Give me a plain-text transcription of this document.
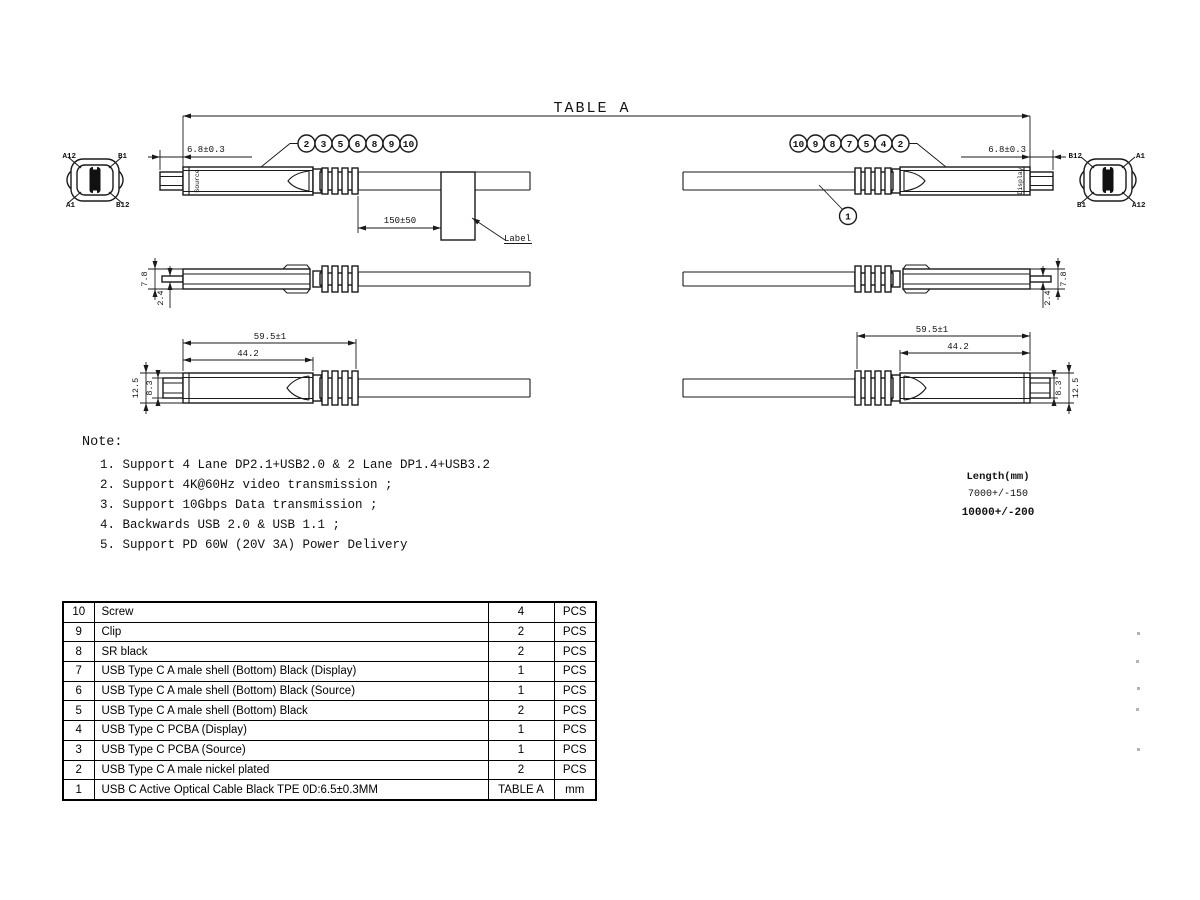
TABLE A
A12	B1
A1	B12
B12	A1
B1	A12
Source	Display
150±50
Label
6.8±0.3	6.8±0.3
2 3 5 6 8 9 10	10 9 8 7 5 4 2
1
7.8
2.4
7.8
2.4
59.5±1
44.2
12.5 8.3
59.5±1
44.2
12.5
8.3
Note:
1. Support 4 Lane DP2.1+USB2.0 & 2 Lane DP1.4+USB3.2
2. Support 4K@60Hz video transmission ;
3. Support 10Gbps Data transmission ;
4. Backwards USB 2.0 & USB 1.1 ;
5. Support PD 60W (20V 3A) Power Delivery
Length(mm)
7000+/-150
10000+/-200
10	Screw	4	PCS
9	Clip	2	PCS
8	SR black	2	PCS
7	USB Type C A male shell (Bottom) Black (Display)	1	PCS
6	USB Type C A male shell (Bottom) Black (Source)	1	PCS
5	USB Type C A male shell (Bottom) Black	2	PCS
4	USB Type C PCBA (Display)	1	PCS
3	USB Type C PCBA (Source)	1	PCS
2	USB Type C A male nickel plated	2	PCS
1	USB C Active Optical Cable Black TPE 0D:6.5±0.3MM	TABLE A	mm
